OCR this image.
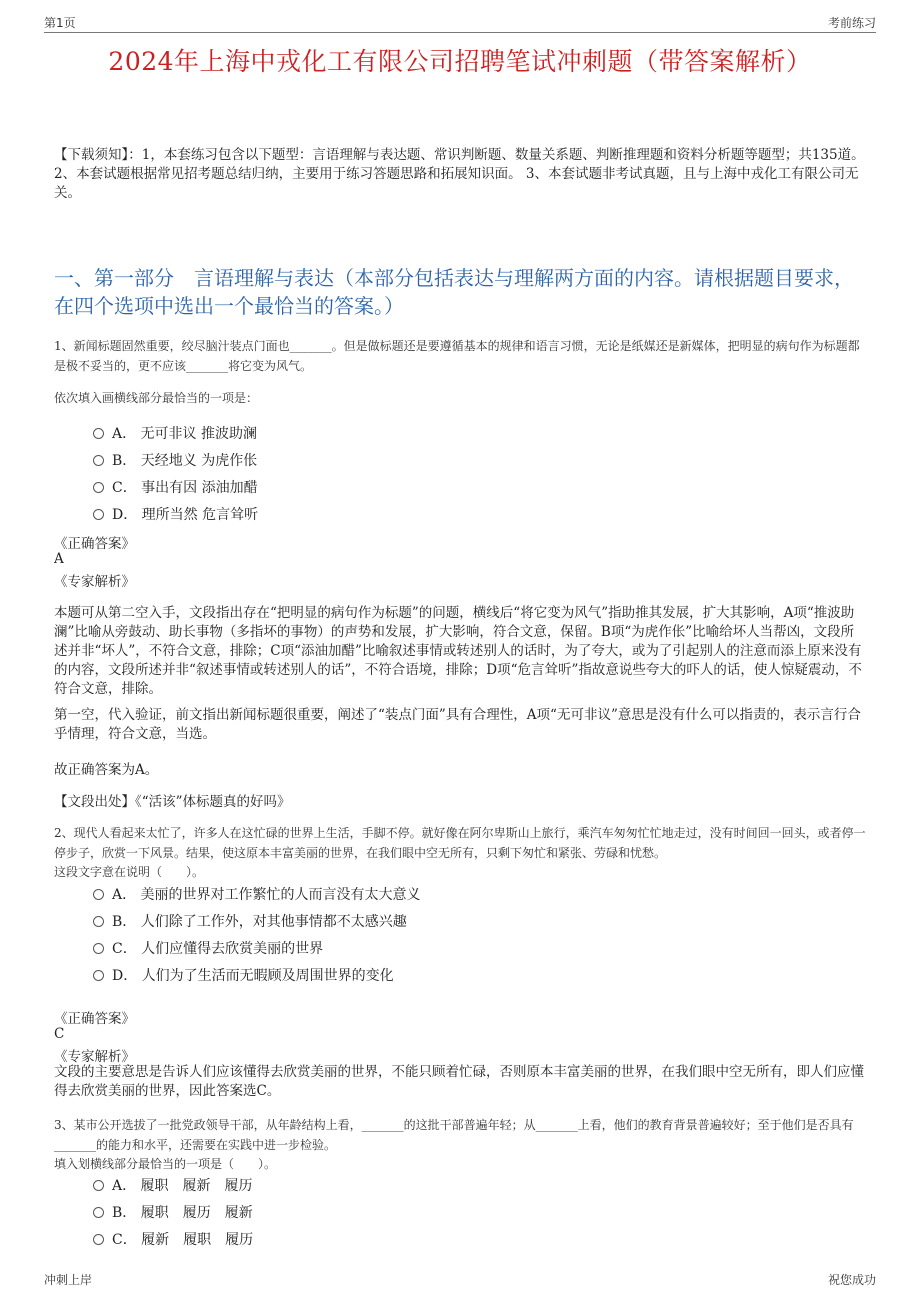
第1页	考前练习
2024年上海中戎化工有限公司招聘笔试冲刺题（带答案解析）
【下载须知】：1，本套练习包含以下题型：言语理解与表达题、常识判断题、数量关系题、判断推理题和资料分析题等题型；共135道。 2、本套试题根据常见招考题总结归纳，主要用于练习答题思路和拓展知识面。 3、本套试题非考试真题，且与上海中戎化工有限公司无关。
一、第一部分　言语理解与表达（本部分包括表达与理解两方面的内容。请根据题目要求，在四个选项中选出一个最恰当的答案。）
1、新闻标题固然重要，绞尽脑汁装点门面也_______。但是做标题还是要遵循基本的规律和语言习惯，无论是纸媒还是新媒体，把明显的病句作为标题都是极不妥当的，更不应该_______将它变为风气。
依次填入画横线部分最恰当的一项是：
A． 无可非议 推波助澜
B． 天经地义 为虎作伥
C． 事出有因 添油加醋
D． 理所当然 危言耸听
《正确答案》
A
《专家解析》
本题可从第二空入手，文段指出存在“把明显的病句作为标题”的问题，横线后“将它变为风气”指助推其发展，扩大其影响，A项“推波助澜”比喻从旁鼓动、助长事物（多指坏的事物）的声势和发展，扩大影响，符合文意，保留。B项“为虎作伥”比喻给坏人当帮凶，文段所述并非“坏人”，不符合文意，排除；C项“添油加醋”比喻叙述事情或转述别人的话时，为了夸大，或为了引起别人的注意而添上原来没有的内容，文段所述并非“叙述事情或转述别人的话”，不符合语境，排除；D项“危言耸听”指故意说些夸大的吓人的话，使人惊疑震动，不符合文意，排除。
第一空，代入验证，前文指出新闻标题很重要，阐述了“装点门面”具有合理性，A项“无可非议”意思是没有什么可以指责的，表示言行合乎情理，符合文意，当选。
故正确答案为A。
【文段出处】《“活该”体标题真的好吗》
2、现代人看起来太忙了，许多人在这忙碌的世界上生活，手脚不停。就好像在阿尔卑斯山上旅行，乘汽车匆匆忙忙地走过，没有时间回一回头，或者停一停步子，欣赏一下风景。结果，使这原本丰富美丽的世界，在我们眼中空无所有，只剩下匆忙和紧张、劳碌和忧愁。
这段文字意在说明（　　）。
A． 美丽的世界对工作繁忙的人而言没有太大意义
B． 人们除了工作外，对其他事情都不太感兴趣
C． 人们应懂得去欣赏美丽的世界
D． 人们为了生活而无暇顾及周围世界的变化
《正确答案》
C
《专家解析》
文段的主要意思是告诉人们应该懂得去欣赏美丽的世界，不能只顾着忙碌，否则原本丰富美丽的世界，在我们眼中空无所有，即人们应懂得去欣赏美丽的世界，因此答案选C。
3、某市公开选拔了一批党政领导干部，从年龄结构上看，_______的这批干部普遍年轻；从_______上看，他们的教育背景普遍较好；至于他们是否具有_______的能力和水平，还需要在实践中进一步检验。
填入划横线部分最恰当的一项是（　　）。
A． 履职　履新　履历
B． 履职　履历　履新
C． 履新　履职　履历
冲刺上岸	祝您成功
